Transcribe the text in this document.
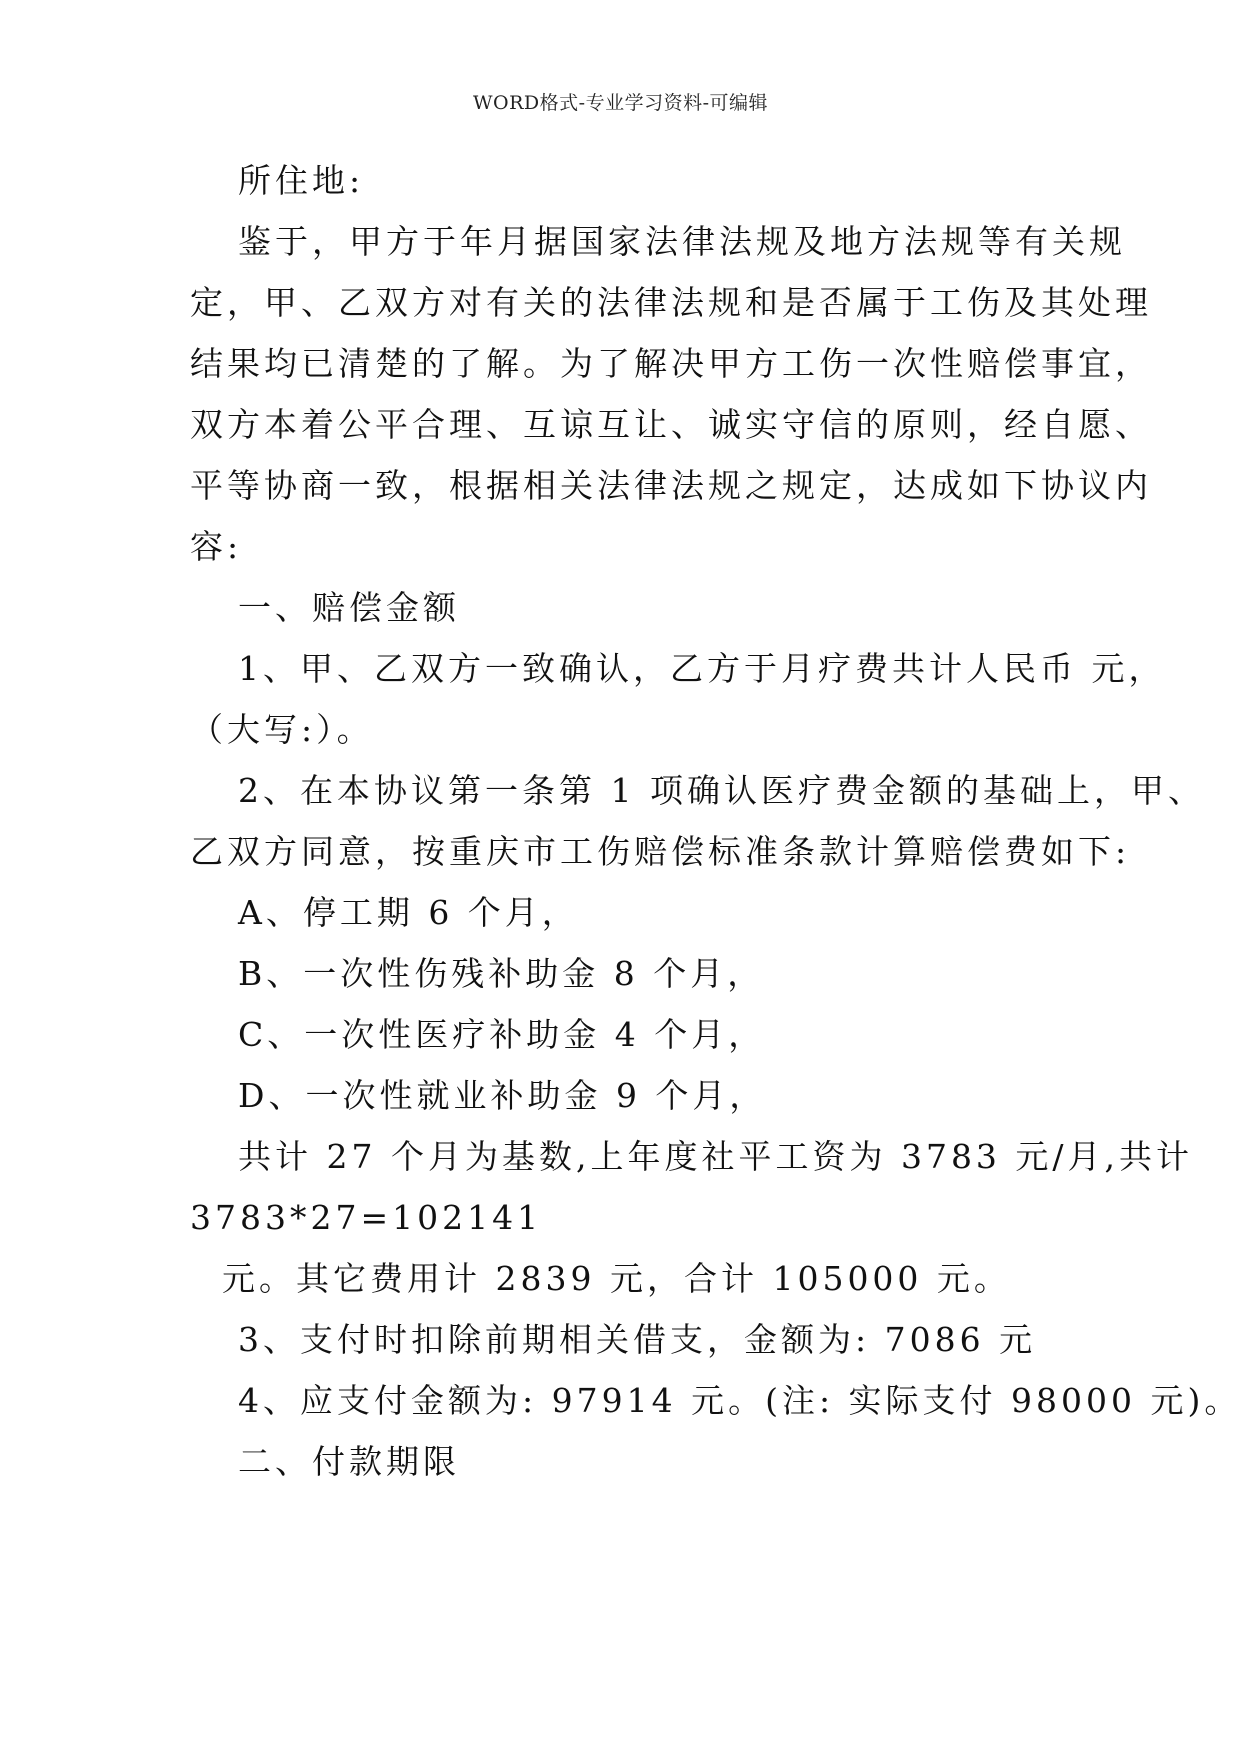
WORD格式-专业学习资料-可编辑
所住地:
鉴于，甲方于年月据国家法律法规及地方法规等有关规
定，甲、乙双方对有关的法律法规和是否属于工伤及其处理
结果均已清楚的了解。为了解决甲方工伤一次性赔偿事宜，
双方本着公平合理、互谅互让、诚实守信的原则，经自愿、
平等协商一致，根据相关法律法规之规定，达成如下协议内
容:
一、赔偿金额
1、甲、乙双方一致确认，乙方于月疗费共计人民币 元，
（大写:）。
2、在本协议第一条第 1 项确认医疗费金额的基础上，甲、
乙双方同意，按重庆市工伤赔偿标准条款计算赔偿费如下:
A、停工期 6 个月，
B、一次性伤残补助金 8 个月，
C、一次性医疗补助金 4 个月，
D、一次性就业补助金 9 个月，
共计 27 个月为基数,上年度社平工资为 3783 元/月,共计
3783*27=102141
元。其它费用计 2839 元，合计 105000 元。
3、支付时扣除前期相关借支，金额为: 7086 元
4、应支付金额为: 97914 元。(注: 实际支付 98000 元)。
二、付款期限
